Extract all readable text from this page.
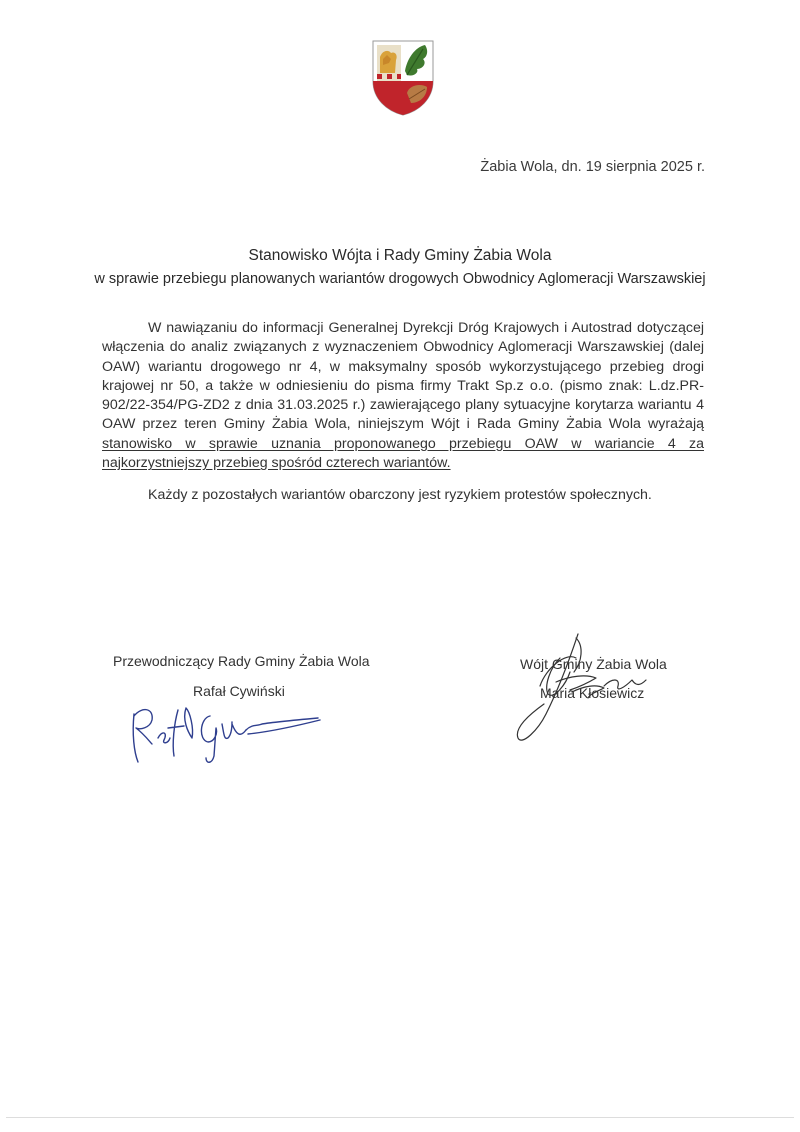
Żabia Wola, dn. 19 sierpnia 2025 r.
Stanowisko Wójta i Rady Gminy Żabia Wola
w sprawie przebiegu planowanych wariantów drogowych Obwodnicy Aglomeracji Warszawskiej

W nawiązaniu do informacji Generalnej Dyrekcji Dróg Krajowych i Autostrad dotyczącej włączenia do analiz związanych z wyznaczeniem Obwodnicy Aglomeracji Warszawskiej (dalej OAW) wariantu drogowego nr 4, w maksymalny sposób wykorzystującego przebieg drogi krajowej nr 50, a także w odniesieniu do pisma firmy Trakt Sp.z o.o. (pismo znak: L.dz.PR-902/22-354/PG-ZD2 z dnia 31.03.2025 r.) zawierającego plany sytuacyjne korytarza wariantu 4 OAW przez teren Gminy Żabia Wola, niniejszym Wójt i Rada Gminy Żabia Wola wyrażają stanowisko w sprawie uznania proponowanego przebiegu OAW w wariancie 4 za najkorzystniejszy przebieg spośród czterech wariantów.

Każdy z pozostałych wariantów obarczony jest ryzykiem protestów społecznych.

Przewodniczący Rady Gminy Żabia Wola
Rafał Cywiński
Wójt Gminy Żabia Wola
Maria Kłosiewicz
